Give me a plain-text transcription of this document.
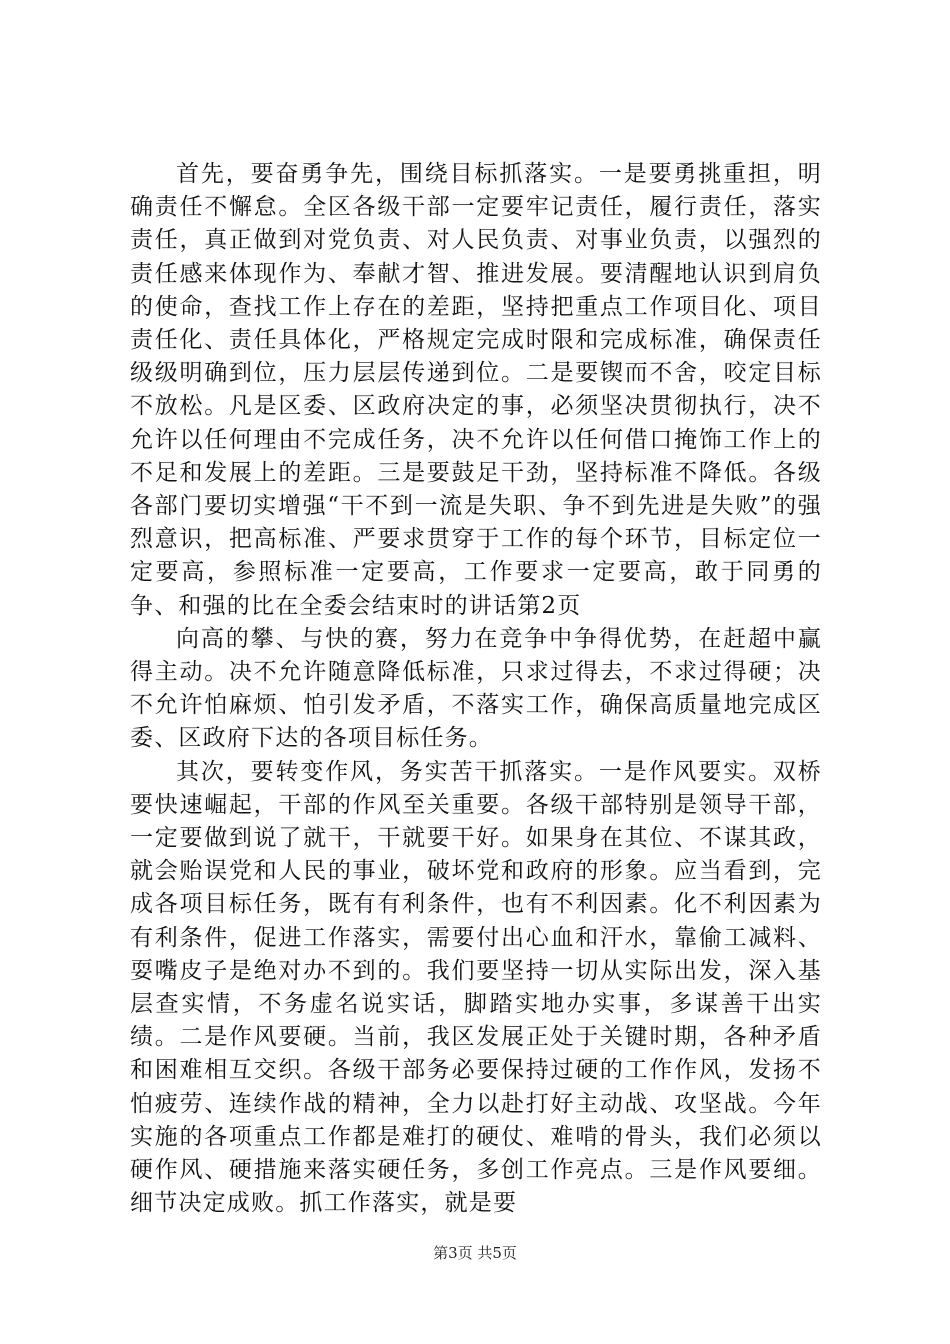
首先，要奋勇争先，围绕目标抓落实。一是要勇挑重担，明确责任不懈怠。全区各级干部一定要牢记责任，履行责任，落实责任，真正做到对党负责、对人民负责、对事业负责，以强烈的责任感来体现作为、奉献才智、推进发展。要清醒地认识到肩负的使命，查找工作上存在的差距，坚持把重点工作项目化、项目责任化、责任具体化，严格规定完成时限和完成标准，确保责任级级明确到位，压力层层传递到位。二是要锲而不舍，咬定目标不放松。凡是区委、区政府决定的事，必须坚决贯彻执行，决不允许以任何理由不完成任务，决不允许以任何借口掩饰工作上的不足和发展上的差距。三是要鼓足干劲，坚持标准不降低。各级各部门要切实增强“干不到一流是失职、争不到先进是失败”的强烈意识，把高标准、严要求贯穿于工作的每个环节，目标定位一定要高，参照标准一定要高，工作要求一定要高，敢于同勇的争、和强的比在全委会结束时的讲话第2页

向高的攀、与快的赛，努力在竞争中争得优势，在赶超中赢得主动。决不允许随意降低标准，只求过得去，不求过得硬；决不允许怕麻烦、怕引发矛盾，不落实工作，确保高质量地完成区委、区政府下达的各项目标任务。

其次，要转变作风，务实苦干抓落实。一是作风要实。双桥要快速崛起，干部的作风至关重要。各级干部特别是领导干部，一定要做到说了就干，干就要干好。如果身在其位、不谋其政，就会贻误党和人民的事业，破坏党和政府的形象。应当看到，完成各项目标任务，既有有利条件，也有不利因素。化不利因素为有利条件，促进工作落实，需要付出心血和汗水，靠偷工减料、耍嘴皮子是绝对办不到的。我们要坚持一切从实际出发，深入基层查实情，不务虚名说实话，脚踏实地办实事，多谋善干出实绩。二是作风要硬。当前，我区发展正处于关键时期，各种矛盾和困难相互交织。各级干部务必要保持过硬的工作作风，发扬不怕疲劳、连续作战的精神，全力以赴打好主动战、攻坚战。今年实施的各项重点工作都是难打的硬仗、难啃的骨头，我们必须以硬作风、硬措施来落实硬任务，多创工作亮点。三是作风要细。细节决定成败。抓工作落实，就是要

第3页 共5页
